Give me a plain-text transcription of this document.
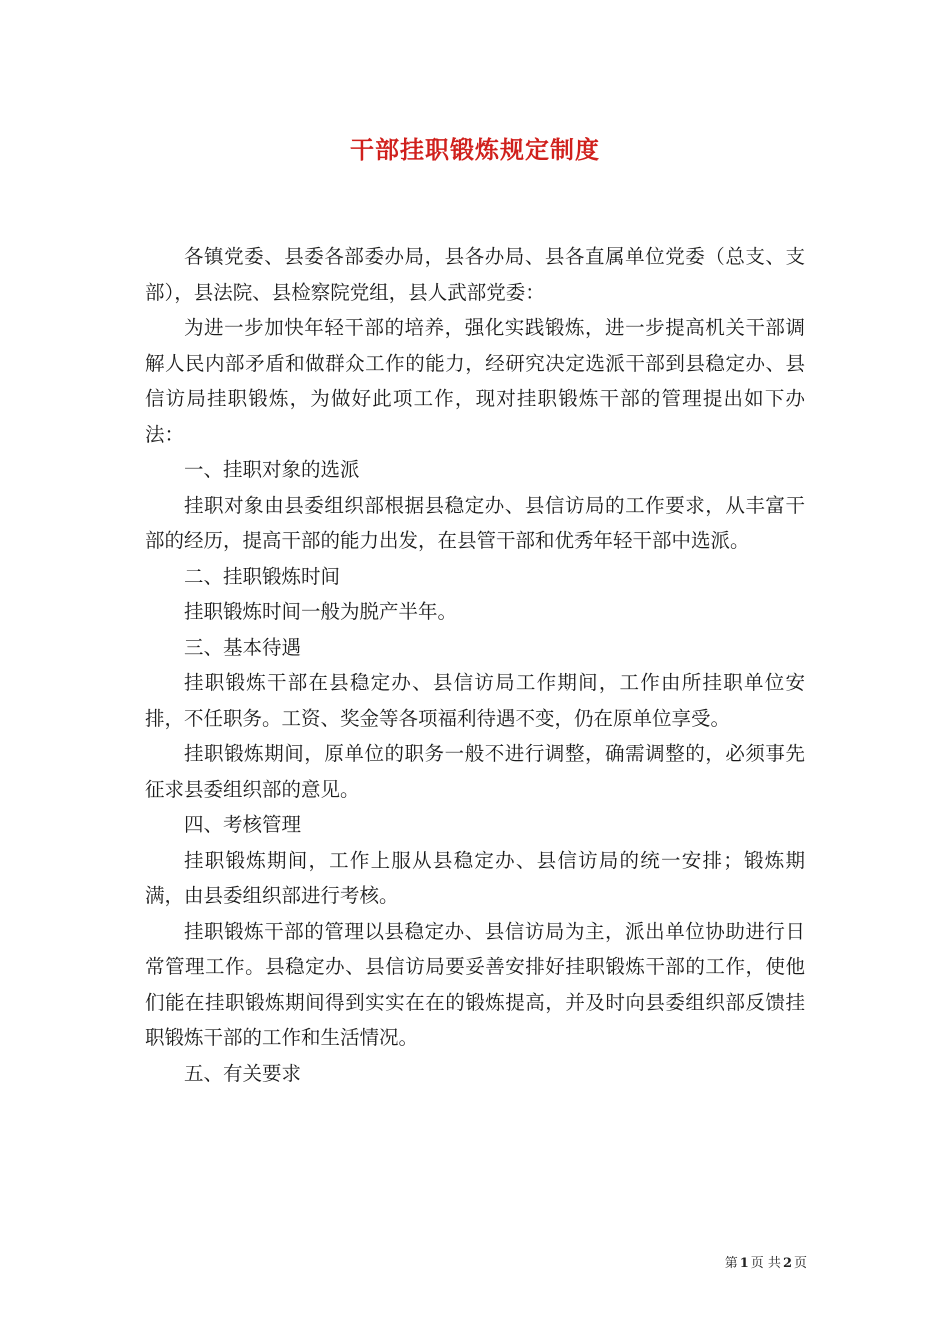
干部挂职锻炼规定制度

各镇党委、县委各部委办局，县各办局、县各直属单位党委（总支、支部），县法院、县检察院党组，县人武部党委：

为进一步加快年轻干部的培养，强化实践锻炼，进一步提高机关干部调解人民内部矛盾和做群众工作的能力，经研究决定选派干部到县稳定办、县信访局挂职锻炼，为做好此项工作，现对挂职锻炼干部的管理提出如下办法：

一、挂职对象的选派

挂职对象由县委组织部根据县稳定办、县信访局的工作要求，从丰富干部的经历，提高干部的能力出发，在县管干部和优秀年轻干部中选派。

二、挂职锻炼时间

挂职锻炼时间一般为脱产半年。

三、基本待遇

挂职锻炼干部在县稳定办、县信访局工作期间，工作由所挂职单位安排，不任职务。工资、奖金等各项福利待遇不变，仍在原单位享受。

挂职锻炼期间，原单位的职务一般不进行调整，确需调整的，必须事先征求县委组织部的意见。

四、考核管理

挂职锻炼期间，工作上服从县稳定办、县信访局的统一安排；锻炼期满，由县委组织部进行考核。

挂职锻炼干部的管理以县稳定办、县信访局为主，派出单位协助进行日常管理工作。县稳定办、县信访局要妥善安排好挂职锻炼干部的工作，使他们能在挂职锻炼期间得到实实在在的锻炼提高，并及时向县委组织部反馈挂职锻炼干部的工作和生活情况。

五、有关要求

第 1 页 共 2 页
